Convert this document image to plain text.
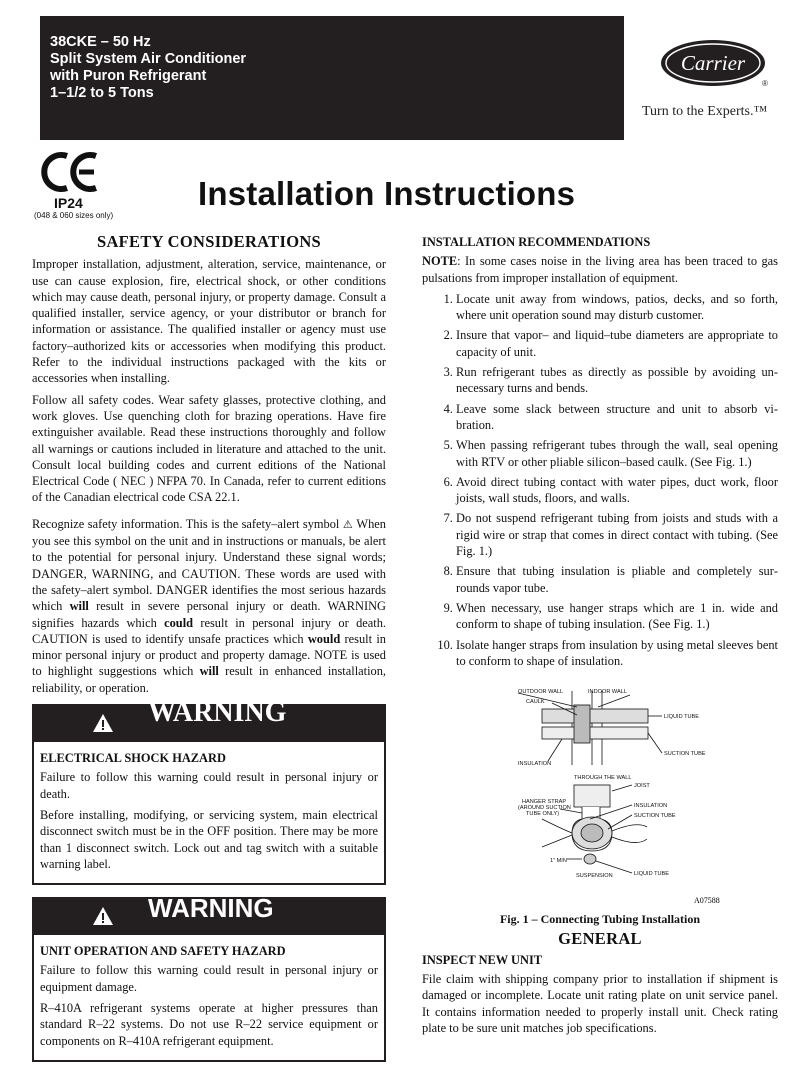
38CKE – 50 Hz
Split System Air Conditioner
with Puron Refrigerant
1–1/2 to 5 Tons
Carrier
®
Turn to the Experts.™
IP24
(048 & 060 sizes only)
Installation Instructions
SAFETY CONSIDERATIONS

Improper installation, adjustment, alteration, service, maintenance, or use can cause explosion, fire, electrical shock, or other conditions which may cause death, personal injury, or property damage. Consult a qualified installer, service agency, or your distributor or branch for information or assistance. The qualified installer or agency must use factory–authorized kits or accessories when modifying this product. Refer to the individual instructions packaged with the kits or accessories when installing.

Follow all safety codes. Wear safety glasses, protective clothing, and work gloves. Use quenching cloth for brazing operations. Have fire extinguisher available. Read these instructions thoroughly and follow all warnings or cautions included in literature and attached to the unit. Consult local building codes and current editions of the National Electrical Code ( NEC ) NFPA 70. In Canada, refer to current editions of the Canadian electrical code CSA 22.1.

Recognize safety information. This is the safety–alert symbol ⚠ When you see this symbol on the unit and in instructions or manuals, be alert to the potential for personal injury. Understand these signal words; DANGER, WARNING, and CAUTION. These words are used with the safety–alert symbol. DANGER identifies the most serious hazards which will result in severe personal injury or death. WARNING signifies hazards which could result in personal injury or death. CAUTION is used to identify unsafe practices which would result in minor personal injury or product and property damage. NOTE is used to highlight suggestions which will result in enhanced installation, reliability, or operation.

WARNING
ELECTRICAL SHOCK HAZARD

Failure to follow this warning could result in personal injury or death.

Before installing, modifying, or servicing system, main electrical disconnect switch must be in the OFF position. There may be more than 1 disconnect switch. Lock out and tag switch with a suitable warning label.

WARNING
UNIT OPERATION AND SAFETY HAZARD

Failure to follow this warning could result in personal injury or equipment damage.

R–410A refrigerant systems operate at higher pressures than standard R–22 systems. Do not use R–22 service equipment or components on R–410A refrigerant equipment.

INSTALLATION RECOMMENDATIONS

NOTE: In some cases noise in the living area has been traced to gas pulsations from improper installation of equipment.

1. Locate unit away from windows, patios, decks, and so forth, where unit operation sound may disturb customer.
2. Insure that vapor– and liquid–tube diameters are appropriate to capacity of unit.
3. Run refrigerant tubes as directly as possible by avoiding unnecessary turns and bends.
4. Leave some slack between structure and unit to absorb vibration.
5. When passing refrigerant tubes through the wall, seal opening with RTV or other pliable silicon–based caulk. (See Fig. 1.)
6. Avoid direct tubing contact with water pipes, duct work, floor joists, wall studs, floors, and walls.
7. Do not suspend refrigerant tubing from joists and studs with a rigid wire or strap that comes in direct contact with tubing. (See Fig. 1.)
8. Ensure that tubing insulation is pliable and completely surrounds vapor tube.
9. When necessary, use hanger straps which are 1 in. wide and conform to shape of tubing insulation. (See Fig. 1.)
10. Isolate hanger straps from insulation by using metal sleeves bent to conform to shape of insulation.
OUTDOOR WALL	INDOOR WALL
CAULK
LIQUID TUBE
SUCTION TUBE
INSULATION
THROUGH THE WALL
JOIST
HANGER STRAP
(AROUND SUCTION
TUBE ONLY)
INSULATION
SUCTION TUBE
1" MIN
SUSPENSION	LIQUID TUBE
A07588
Fig. 1 – Connecting Tubing Installation
GENERAL
INSPECT NEW UNIT

File claim with shipping company prior to installation if shipment is damaged or incomplete. Locate unit rating plate on unit service panel. It contains information needed to properly install unit. Check rating plate to be sure unit matches job specifications.
